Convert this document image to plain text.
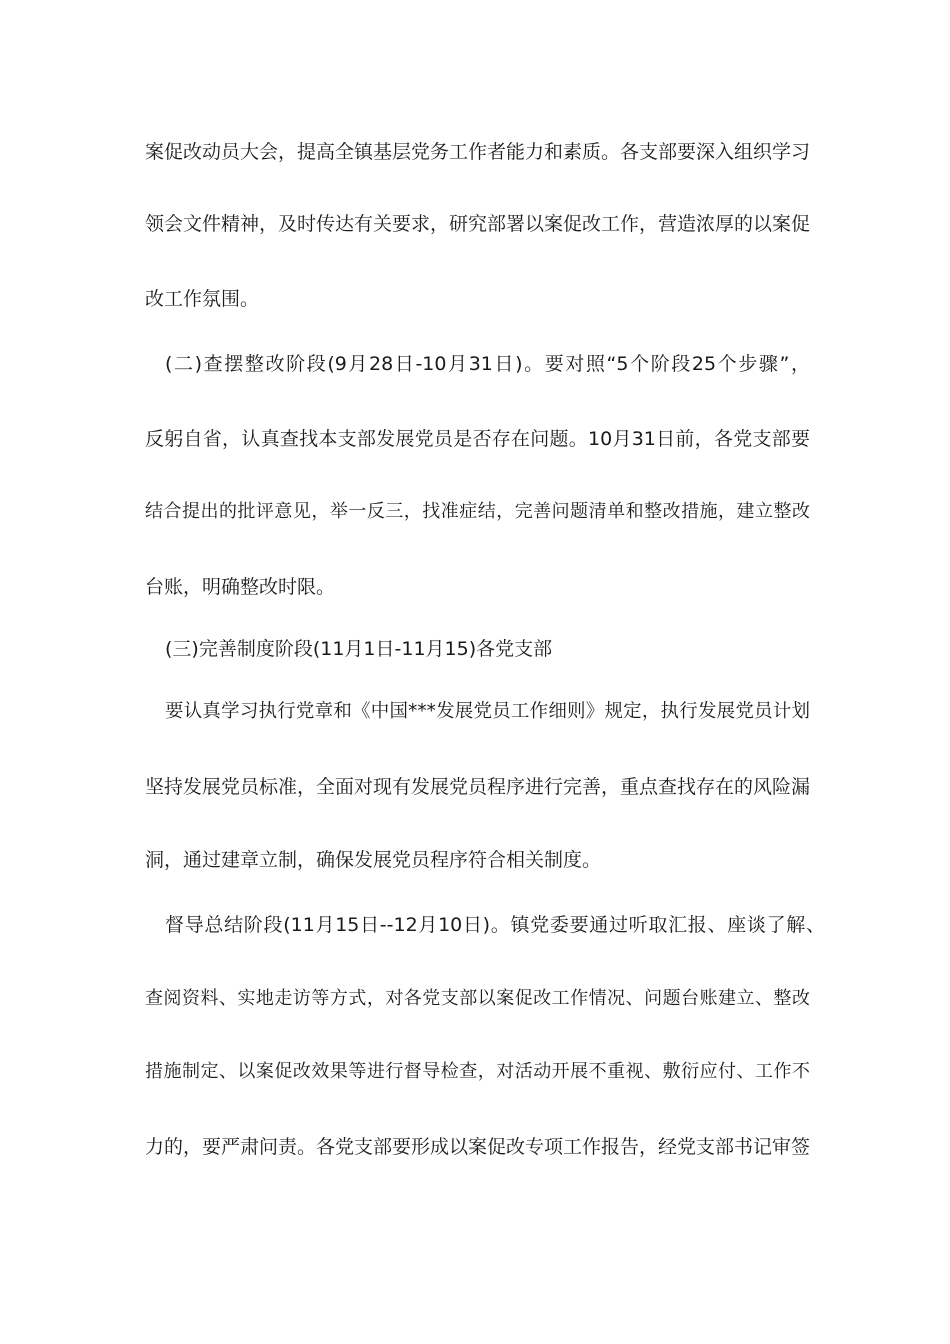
案促改动员大会，提高全镇基层党务工作者能力和素质。各支部要深入组织学习
领会文件精神，及时传达有关要求，研究部署以案促改工作，营造浓厚的以案促
改工作氛围。
(二)查摆整改阶段(9月28日-10月31日)。要对照“5个阶段25个步骤”，
反躬自省，认真查找本支部发展党员是否存在问题。10月31日前，各党支部要
结合提出的批评意见，举一反三，找准症结，完善问题清单和整改措施，建立整改
台账，明确整改时限。
(三)完善制度阶段(11月1日-11月15)各党支部
要认真学习执行党章和《中国***发展党员工作细则》规定，执行发展党员计划
坚持发展党员标准，全面对现有发展党员程序进行完善，重点查找存在的风险漏
洞，通过建章立制，确保发展党员程序符合相关制度。
督导总结阶段(11月15日--12月10日)。镇党委要通过听取汇报、座谈了解、
查阅资料、实地走访等方式，对各党支部以案促改工作情况、问题台账建立、整改
措施制定、以案促改效果等进行督导检查，对活动开展不重视、敷衍应付、工作不
力的，要严肃问责。各党支部要形成以案促改专项工作报告，经党支部书记审签
